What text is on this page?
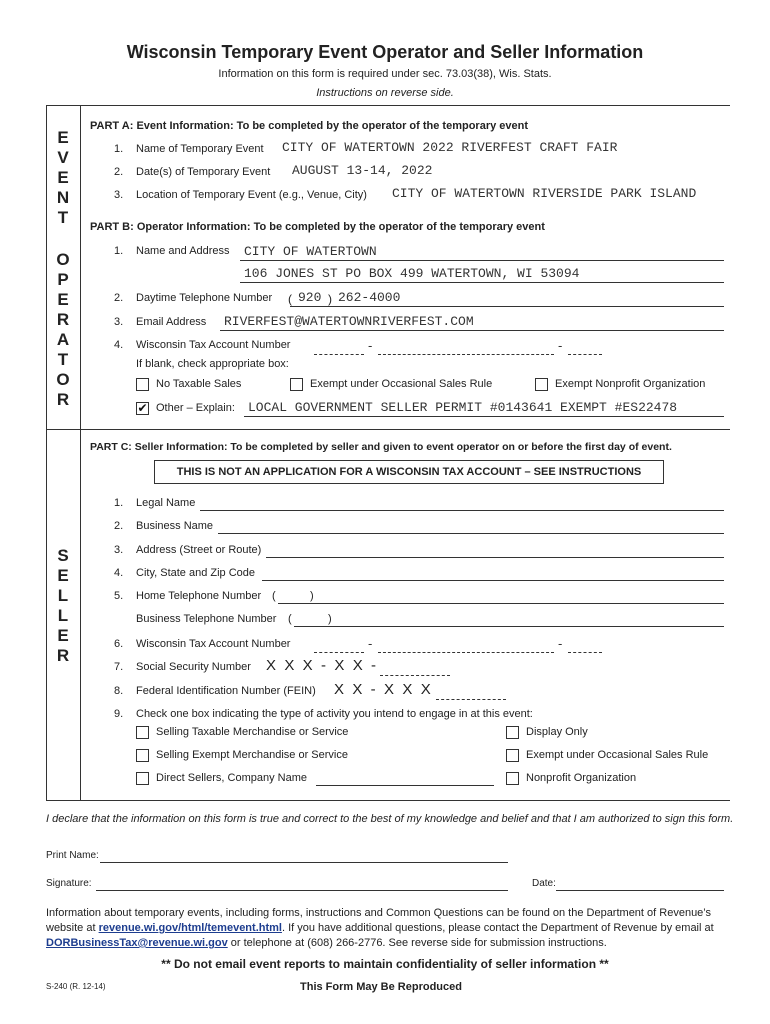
Wisconsin Temporary Event Operator and Seller Information
Information on this form is required under sec. 73.03(38), Wis. Stats.
Instructions on reverse side.
E
V
E
N
T
O
P
E
R
A
T
O
R
S
E
L
L
E
R
PART A: Event Information: To be completed by the operator of the temporary event
1. Name of Temporary Event CITY OF WATERTOWN 2022 RIVERFEST CRAFT FAIR
2. Date(s) of Temporary Event AUGUST 13-14, 2022
3. Location of Temporary Event (e.g., Venue, City) CITY OF WATERTOWN RIVERSIDE PARK ISLAND
PART B: Operator Information: To be completed by the operator of the temporary event
1. Name and Address CITY OF WATERTOWN
106 JONES ST PO BOX 499 WATERTOWN, WI 53094
2. Daytime Telephone Number ( 920 ) 262-4000
3. Email Address RIVERFEST@WATERTOWNRIVERFEST.COM
4. Wisconsin Tax Account Number	-	-
If blank, check appropriate box:
No Taxable Sales	Exempt under Occasional Sales Rule	Exempt Nonprofit Organization
✔ Other – Explain: LOCAL GOVERNMENT SELLER PERMIT #0143641 EXEMPT #ES22478
PART C: Seller Information: To be completed by seller and given to event operator on or before the first day of event.
THIS IS NOT AN APPLICATION FOR A WISCONSIN TAX ACCOUNT – SEE INSTRUCTIONS
1. Legal Name
2. Business Name
3. Address (Street or Route)
4. City, State and Zip Code
5. Home Telephone Number (	)
Business Telephone Number (	)
6. Wisconsin Tax Account Number	-	-
7. Social Security Number X  X  X  -  X  X  -
8. Federal Identification Number (FEIN) X  X  -  X  X  X
9. Check one box indicating the type of activity you intend to engage in at this event:
Selling Taxable Merchandise or Service	Display Only
Selling Exempt Merchandise or Service	Exempt under Occasional Sales Rule
Direct Sellers, Company Name	Nonprofit Organization
I declare that the information on this form is true and correct to the best of my knowledge and belief and that I am authorized to sign this form.
Print Name:
Signature:	Date:
Information about temporary events, including forms, instructions and Common Questions can be found on the Department of Revenue’s website at revenue.wi.gov/html/temevent.html. If you have additional questions, please contact the Department of Revenue by email at DORBusinessTax@revenue.wi.gov or telephone at (608) 266-2776. See reverse side for submission instructions.
** Do not email event reports to maintain confidentiality of seller information **
S-240 (R. 12-14)	This Form May Be Reproduced
